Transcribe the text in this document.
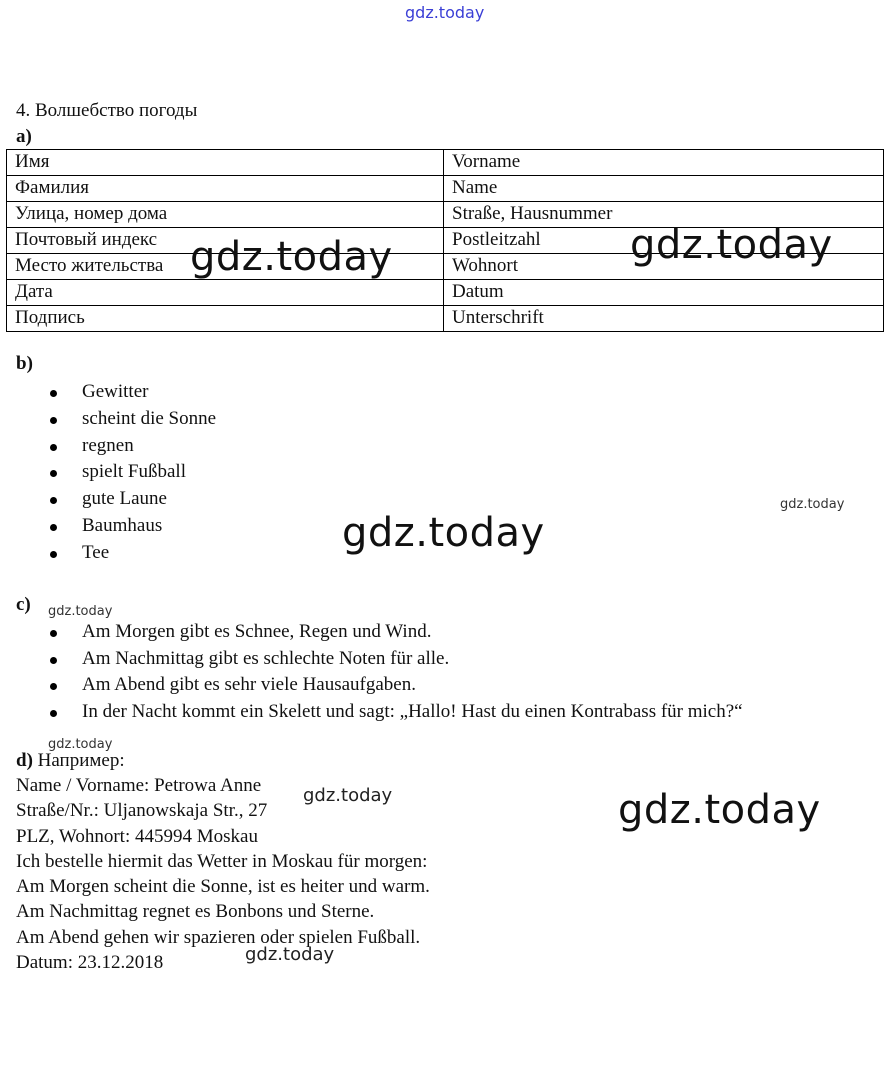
gdz.today
4. Волшебство погоды
a)
Имя	Vorname
Фамилия	Name
Улица, номер дома	Straße, Hausnummer
Почтовый индекс	Postleitzahl
Место жительства	Wohnort
Дата	Datum
Подпись	Unterschrift
b)
Gewitter
scheint die Sonne
regnen
spielt Fußball
gute Laune
Baumhaus
Tee
c)
Am Morgen gibt es Schnee, Regen und Wind.
Am Nachmittag gibt es schlechte Noten für alle.
Am Abend gibt es sehr viele Hausaufgaben.
In der Nacht kommt ein Skelett und sagt: „Hallo! Hast du einen Kontrabass für mich?“
d) Например:
Name / Vorname: Petrowa Anne
Straße/Nr.: Uljanowskaja Str., 27
PLZ, Wohnort: 445994 Moskau
Ich bestelle hiermit das Wetter in Moskau für morgen:
Am Morgen scheint die Sonne, ist es heiter und warm.
Am Nachmittag regnet es Bonbons und Sterne.
Am Abend gehen wir spazieren oder spielen Fußball.
Datum: 23.12.2018
gdz.today	gdz.today
gdz.today
gdz.today
gdz.today
gdz.today
gdz.today
gdz.today
gdz.today
